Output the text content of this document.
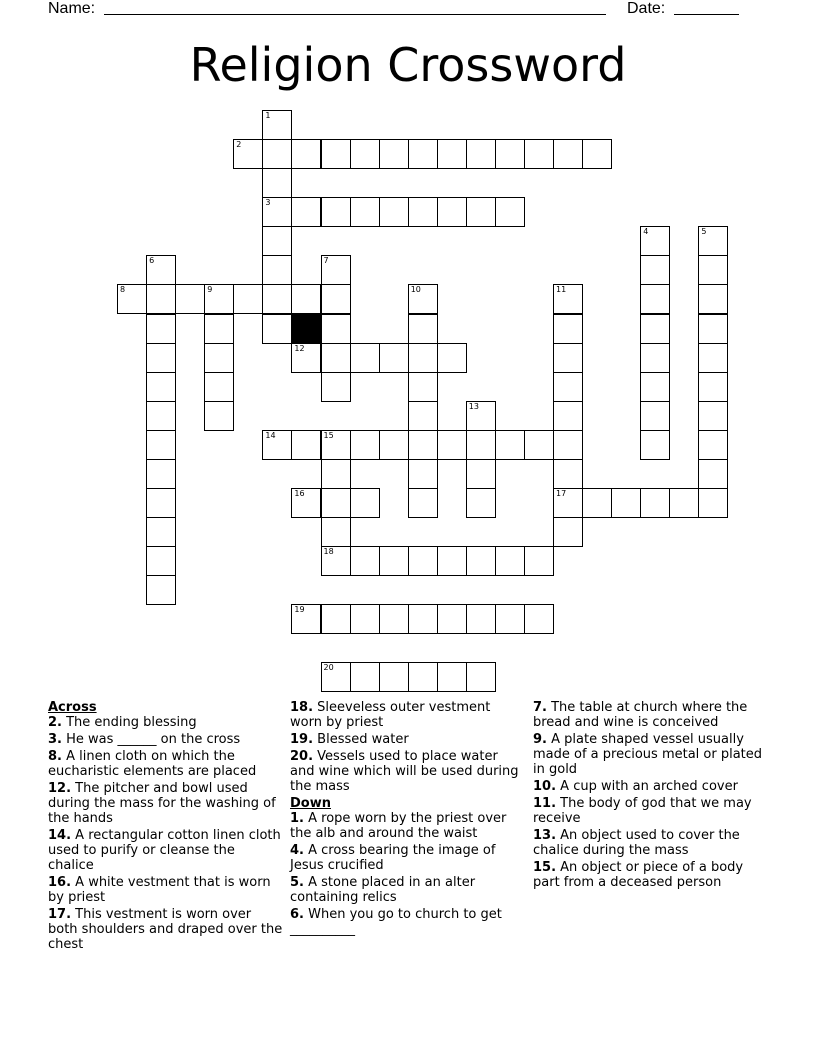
Name:	Date:
Religion Crossword
1
3
2
4	5
6	7
8	9	10	11
17
12
13
14	15
18
16
19
20
Across
2. The ending blessing
3. He was ______ on the cross
8. A linen cloth on which the eucharistic elements are placed
12. The pitcher and bowl used during the mass for the washing of the hands
14. A rectangular cotton linen cloth used to purify or cleanse the chalice
16. A white vestment that is worn by priest
17. This vestment is worn over both shoulders and draped over the chest
18. Sleeveless outer vestment worn by priest
19. Blessed water
20. Vessels used to place water and wine which will be used during the mass
Down
1. A rope worn by the priest over the alb and around the waist
4. A cross bearing the image of Jesus crucified
5. A stone placed in an alter containing relics
6. When you go to church to get __________
7. The table at church where the bread and wine is conceived
9. A plate shaped vessel usually made of a precious metal or plated in gold
10. A cup with an arched cover
11. The body of god that we may receive
13. An object used to cover the chalice during the mass
15. An object or piece of a body part from a deceased person
